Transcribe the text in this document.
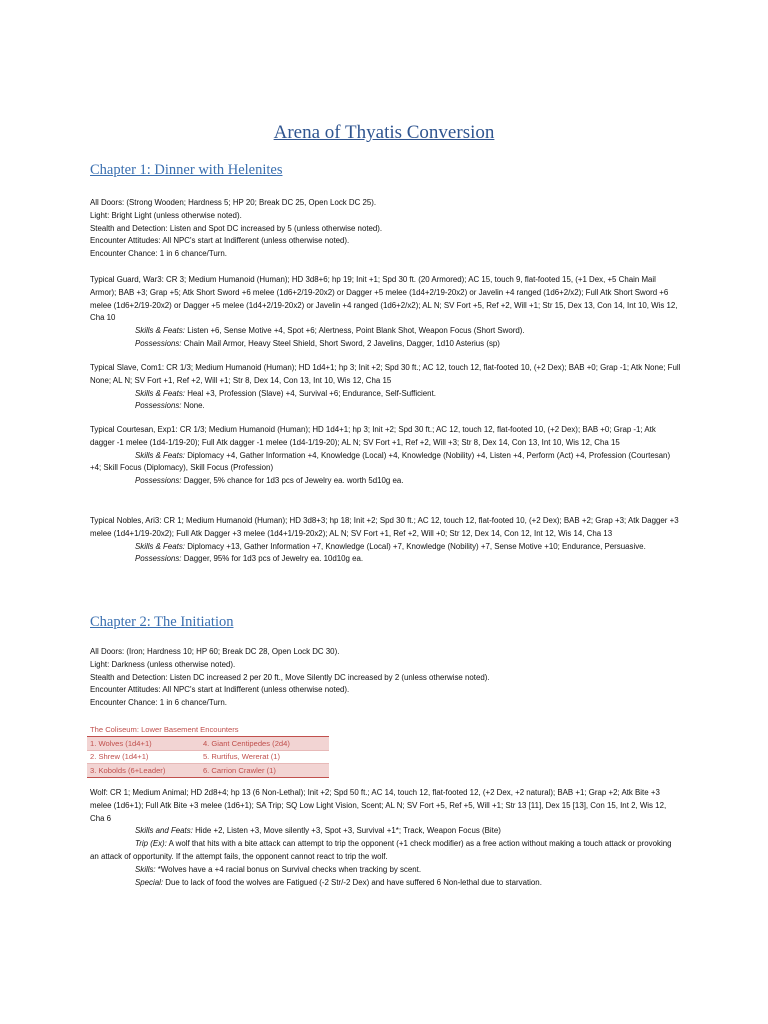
Arena of Thyatis Conversion
Chapter 1: Dinner with Helenites

All Doors: (Strong Wooden; Hardness 5; HP 20; Break DC 25, Open Lock DC 25).

Light: Bright Light (unless otherwise noted).

Stealth and Detection: Listen and Spot DC increased by 5 (unless otherwise noted).

Encounter Attitudes: All NPC's start at Indifferent (unless otherwise noted).

Encounter Chance: 1 in 6 chance/Turn.

Typical Guard, War3: CR 3; Medium Humanoid (Human); HD 3d8+6; hp 19; Init +1; Spd 30 ft. (20 Armored); AC 15, touch 9, flat-footed 15, (+1 Dex, +5 Chain Mail Armor); BAB +3; Grap +5; Atk Short Sword +6 melee (1d6+2/19-20x2) or Dagger +5 melee (1d4+2/19-20x2) or Javelin +4 ranged (1d6+2/x2); Full Atk Short Sword +6 melee (1d6+2/19-20x2) or Dagger +5 melee (1d4+2/19-20x2) or Javelin +4 ranged (1d6+2/x2); AL N; SV Fort +5, Ref +2, Will +1; Str 15, Dex 13, Con 14, Int 10, Wis 12, Cha 10

Skills & Feats: Listen +6, Sense Motive +4, Spot +6; Alertness, Point Blank Shot, Weapon Focus (Short Sword).

Possessions: Chain Mail Armor, Heavy Steel Shield, Short Sword, 2 Javelins, Dagger, 1d10 Asterius (sp)

Typical Slave, Com1: CR 1/3; Medium Humanoid (Human); HD 1d4+1; hp 3; Init +2; Spd 30 ft.; AC 12, touch 12, flat-footed 10, (+2 Dex); BAB +0; Grap -1; Atk None; Full None; AL N; SV Fort +1, Ref +2, Will +1; Str 8, Dex 14, Con 13, Int 10, Wis 12, Cha 15

Skills & Feats: Heal +3, Profession (Slave) +4, Survival +6; Endurance, Self-Sufficient.

Possessions: None.

Typical Courtesan, Exp1: CR 1/3; Medium Humanoid (Human); HD 1d4+1; hp 3; Init +2; Spd 30 ft.; AC 12, touch 12, flat-footed 10, (+2 Dex); BAB +0; Grap -1; Atk dagger -1 melee (1d4-1/19-20); Full Atk dagger -1 melee (1d4-1/19-20); AL N; SV Fort +1, Ref +2, Will +3; Str 8, Dex 14, Con 13, Int 10, Wis 12, Cha 15

Skills & Feats: Diplomacy +4, Gather Information +4, Knowledge (Local) +4, Knowledge (Nobility) +4, Listen +4, Perform (Act) +4, Profession (Courtesan) +4; Skill Focus (Diplomacy), Skill Focus (Profession)

Possessions: Dagger, 5% chance for 1d3 pcs of Jewelry ea. worth 5d10g ea.

Typical Nobles, Ari3: CR 1; Medium Humanoid (Human); HD 3d8+3; hp 18; Init +2; Spd 30 ft.; AC 12, touch 12, flat-footed 10, (+2 Dex); BAB +2; Grap +3; Atk Dagger +3 melee (1d4+1/19-20x2); Full Atk Dagger +3 melee (1d4+1/19-20x2); AL N; SV Fort +1, Ref +2, Will +0; Str 12, Dex 14, Con 12, Int 12, Wis 14, Cha 13

Skills & Feats: Diplomacy +13, Gather Information +7, Knowledge (Local) +7, Knowledge (Nobility) +7, Sense Motive +10; Endurance, Persuasive.

Possessions: Dagger, 95% for 1d3 pcs of Jewelry ea. 10d10g ea.

Chapter 2: The Initiation

All Doors: (Iron; Hardness 10; HP 60; Break DC 28, Open Lock DC 30).

Light: Darkness (unless otherwise noted).

Stealth and Detection: Listen DC increased 2 per 20 ft., Move Silently DC increased by 2 (unless otherwise noted).

Encounter Attitudes: All NPC's start at Indifferent (unless otherwise noted).

Encounter Chance: 1 in 6 chance/Turn.

The Coliseum: Lower Basement Encounters	
1. Wolves (1d4+1)	4. Giant Centipedes (2d4)
2. Shrew (1d4+1)	5. Rurtifus, Wererat (1)
3. Kobolds (6+Leader)	6. Carrion Crawler (1)

Wolf: CR 1; Medium Animal; HD 2d8+4; hp 13 (6 Non-Lethal); Init +2; Spd 50 ft.; AC 14, touch 12, flat-footed 12, (+2 Dex, +2 natural); BAB +1; Grap +2; Atk Bite +3 melee (1d6+1); Full Atk Bite +3 melee (1d6+1); SA Trip; SQ Low Light Vision, Scent; AL N; SV Fort +5, Ref +5, Will +1; Str 13 [11], Dex 15 [13], Con 15, Int 2, Wis 12, Cha 6

Skills and Feats: Hide +2, Listen +3, Move silently +3, Spot +3, Survival +1*; Track, Weapon Focus (Bite)

Trip (Ex): A wolf that hits with a bite attack can attempt to trip the opponent (+1 check modifier) as a free action without making a touch attack or provoking an attack of opportunity. If the attempt fails, the opponent cannot react to trip the wolf.

Skills: *Wolves have a +4 racial bonus on Survival checks when tracking by scent.

Special: Due to lack of food the wolves are Fatigued (-2 Str/-2 Dex) and have suffered 6 Non-lethal due to starvation.
